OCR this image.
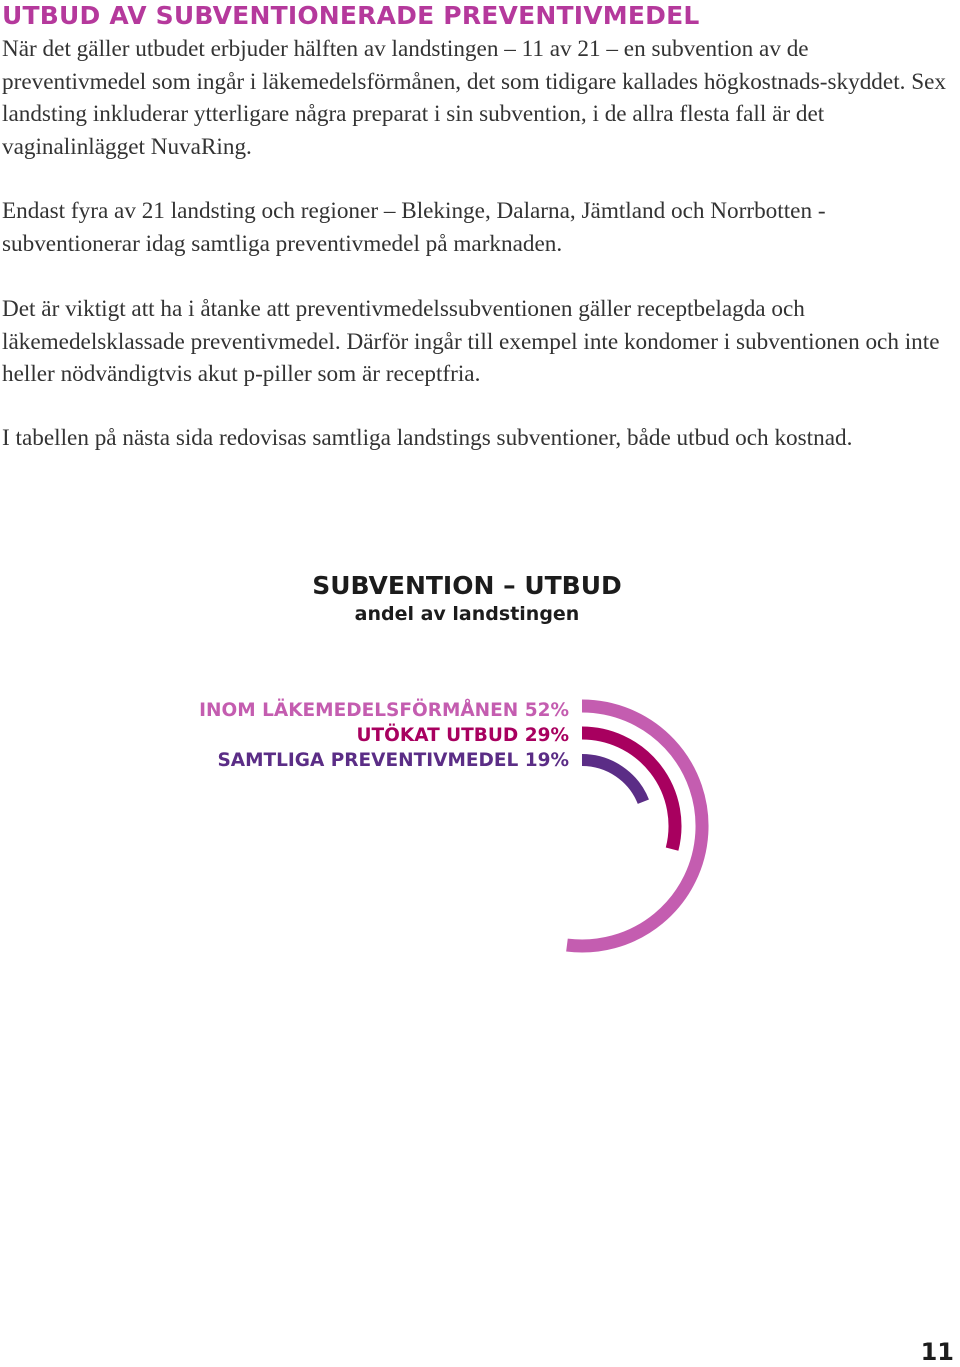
UTBUD AV SUBVENTIONERADE PREVENTIVMEDEL

När det gäller utbudet erbjuder hälften av landstingen – 11 av 21 – en subvention av de preventivmedel som ingår i läkemedelsförmånen, det som tidigare kallades högkostnads-skyddet. Sex landsting inkluderar ytterligare några preparat i sin subvention, i de allra flesta fall är det vaginalinlägget NuvaRing.

Endast fyra av 21 landsting och regioner – Blekinge, Dalarna, Jämtland och Norrbotten - subventionerar idag samtliga preventivmedel på marknaden.

Det är viktigt att ha i åtanke att preventivmedelssubventionen gäller receptbelagda och läkemedelsklassade preventivmedel. Därför ingår till exempel inte kondomer i subventionen och inte heller nödvändigtvis akut p-piller som är receptfria.

I tabellen på nästa sida redovisas samtliga landstings subventioner, både utbud och kostnad.

SUBVENTION – UTBUD
andel av landstingen
INOM LÄKEMEDELSFÖRMÅNEN 52%
UTÖKAT UTBUD 29%
SAMTLIGA PREVENTIVMEDEL 19%
11
